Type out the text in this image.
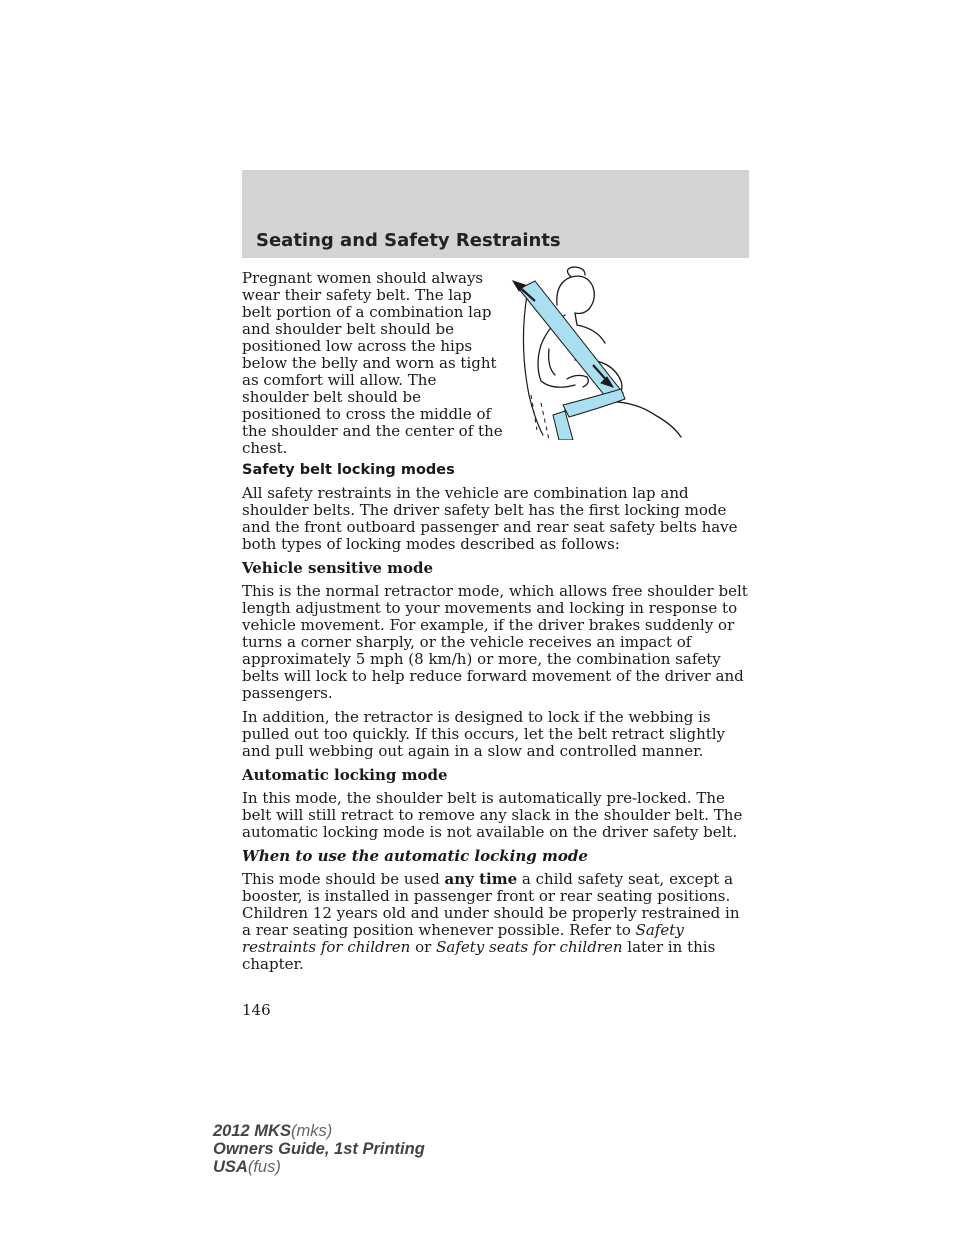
Seating and Safety Restraints

Pregnant women should always wear their safety belt. The lap belt portion of a combination lap and shoulder belt should be positioned low across the hips below the belly and worn as tight as comfort will allow. The shoulder belt should be positioned to cross the middle of the shoulder and the center of the chest.

Safety belt locking modes

All safety restraints in the vehicle are combination lap and shoulder belts. The driver safety belt has the first locking mode and the front outboard passenger and rear seat safety belts have both types of locking modes described as follows:

Vehicle sensitive mode

This is the normal retractor mode, which allows free shoulder belt length adjustment to your movements and locking in response to vehicle movement. For example, if the driver brakes suddenly or turns a corner sharply, or the vehicle receives an impact of approximately 5 mph (8 km/h) or more, the combination safety belts will lock to help reduce forward movement of the driver and passengers.

In addition, the retractor is designed to lock if the webbing is pulled out too quickly. If this occurs, let the belt retract slightly and pull webbing out again in a slow and controlled manner.

Automatic locking mode

In this mode, the shoulder belt is automatically pre-locked. The belt will still retract to remove any slack in the shoulder belt. The automatic locking mode is not available on the driver safety belt.

When to use the automatic locking mode

This mode should be used any time a child safety seat, except a booster, is installed in passenger front or rear seating positions. Children 12 years old and under should be properly restrained in a rear seating position whenever possible. Refer to Safety restraints for children or Safety seats for children later in this chapter.

146
2012 MKS(mks)
Owners Guide, 1st Printing
USA(fus)
